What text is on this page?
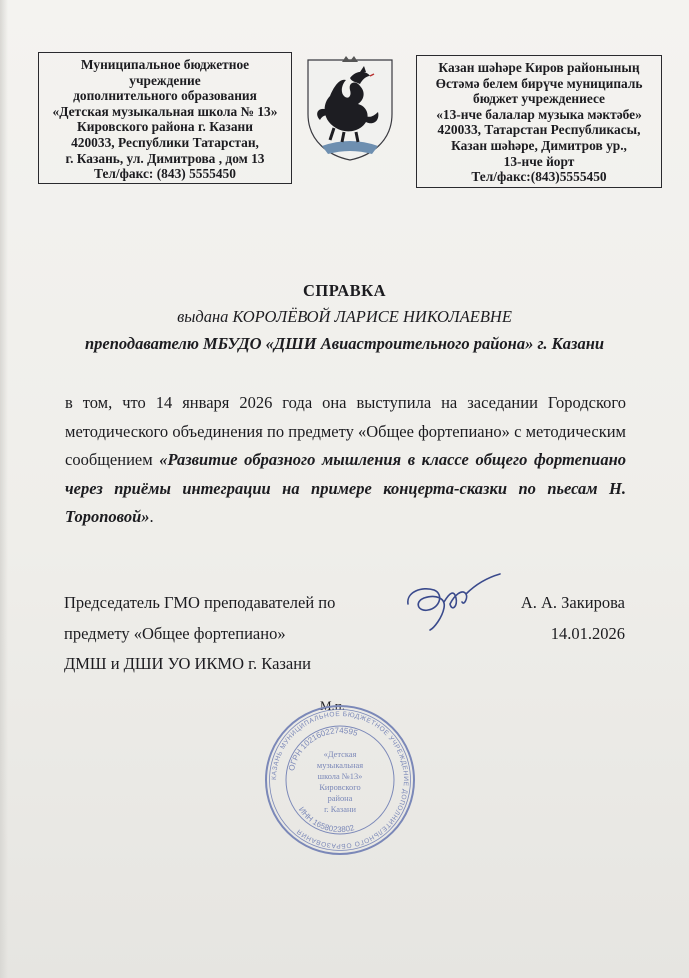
Муниципальное бюджетное
учреждение
дополнительного образования
«Детская музыкальная школа № 13»
Кировского района г. Казани
420033, Республики Татарстан,
г. Казань, ул. Димитрова , дом 13
Тел/факс: (843) 5555450
Казан шәһәре Киров районының
Өстәмә белем бирүче муниципаль
бюджет учреждениесе
«13-нче балалар музыка мәктәбе»
420033, Татарстан Республикасы,
Казан шәһәре, Димитров ур.,
13-нче йорт
Тел/факс:(843)5555450
СПРАВКА
выдана КОРОЛЁВОЙ ЛАРИСЕ НИКОЛАЕВНЕ
преподавателю МБУДО «ДШИ Авиастроительного района» г. Казани
в том, что 14 января 2026 года она выступила на заседании Городского методического объединения по предмету «Общее фортепиано» с методическим сообщением «Развитие образного мышления в классе общего фортепиано через приёмы интеграции на примере концерта-сказки по пьесам Н. Тороповой».
Председатель ГМО преподавателей по
предмету «Общее фортепиано»
ДМШ и ДШИ УО ИКМО г. Казани
А. А. Закирова
14.01.2026
М.п.
КАЗАНЬ МУНИЦИПАЛЬНОЕ БЮДЖЕТНОЕ УЧРЕЖДЕНИЕ ДОПОЛНИТЕЛЬНОГО ОБРАЗОВАНИЯ
ОГРН 1021602274595
ИНН 1658023802
«Детская
музыкальная
школа №13»
Кировского
района
г. Казани
